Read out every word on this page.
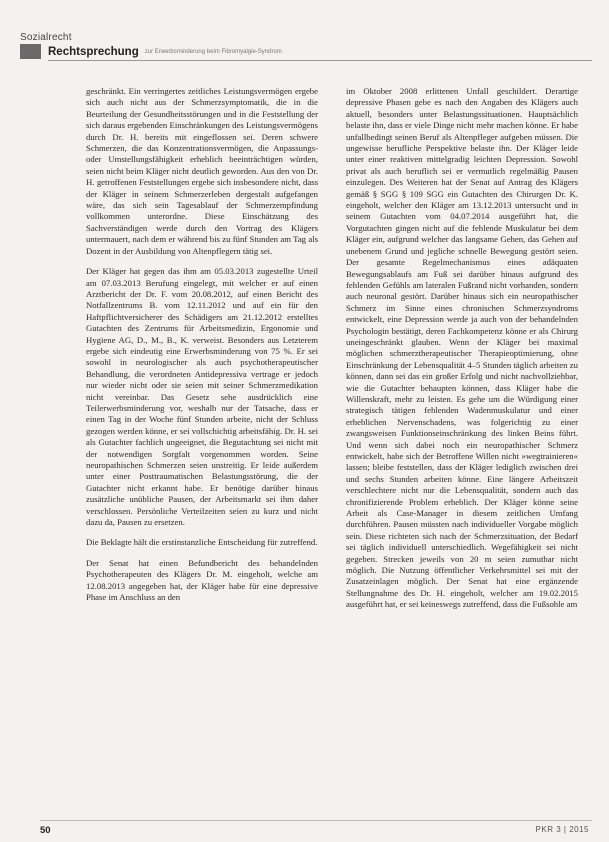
Sozialrecht
Rechtsprechung zur Erwerbsminderung beim Fibromyalgie-Syndrom

geschränkt. Ein verringertes zeitliches Leistungsvermögen ergebe sich auch nicht aus der Schmerzsymptomatik, die in die Beurteilung der Gesundheitsstörungen und in die Feststellung der sich daraus ergebenden Einschränkungen des Leistungsvermögens durch Dr. H. bereits mit eingeflossen sei. Deren schwere Schmerzen, die das Konzentrationsvermögen, die Anpassungs- oder Umstellungsfähigkeit erheblich beeinträchtigen würden, seien nicht beim Kläger nicht deutlich geworden. Aus den von Dr. H. getroffenen Feststellungen ergebe sich insbesondere nicht, dass der Kläger in seinem Schmerzerleben dergestalt aufgefangen wäre, das sich sein Tagesablauf der Schmerzempfindung vollkommen unterordne. Diese Einschätzung des Sachverständigen werde durch den Vortrag des Klägers untermauert, nach dem er während bis zu fünf Stunden am Tag als Dozent in der Ausbildung von Altenpflegern tätig sei.

Der Kläger hat gegen das ihm am 05.03.2013 zugestellte Urteil am 07.03.2013 Berufung eingelegt, mit welcher er auf einen Arztbericht der Dr. F. vom 20.08.2012, auf einen Bericht des Notfallzentrums B. vom 12.11.2012 und auf ein für den Haftpflichtversicherer des Schädigers am 21.12.2012 erstelltes Gutachten des Zentrums für Arbeitsmedizin, Ergonomie und Hygiene AG, D., M., B., K. verweist. Besonders aus Letzterem ergebe sich eindeutig eine Erwerbsminderung von 75 %. Er sei sowohl in neurologischer als auch psychotherapeutischer Behandlung, die verordneten Antidepressiva vertrage er jedoch nur wieder nicht oder sie seien mit seiner Schmerzmedikation nicht vereinbar. Das Gesetz sehe ausdrücklich eine Teilerwerbsminderung vor, weshalb nur der Tatsache, dass er einen Tag in der Woche fünf Stunden arbeite, nicht der Schluss gezogen werden könne, er sei vollschichtig arbeitsfähig. Dr. H. sei als Gutachter fachlich ungeeignet, die Begutachtung sei nicht mit der notwendigen Sorgfalt vorgenommen worden. Seine neuropathischen Schmerzen seien unstreitig. Er leide außerdem unter einer Posttraumatischen Belastungsstörung, die der Gutachter nicht erkannt habe. Er benötige darüber hinaus zusätzliche unübliche Pausen, der Arbeitsmarkt sei ihm daher verschlossen. Persönliche Verteilzeiten seien zu kurz und nicht dazu da, Pausen zu ersetzen.

Die Beklagte hält die erstinstanzliche Entscheidung für zutreffend.

Der Senat hat einen Befundbericht des behandelnden Psychotherapeuten des Klägers Dr. M. eingeholt, welche am 12.08.2013 angegeben hat, der Kläger habe für eine depressive Phase im Anschluss an den

im Oktober 2008 erlittenen Unfall geschildert. Derartige depressive Phasen gebe es nach den Angaben des Klägers auch aktuell, besonders unter Belastungssituationen. Hauptsächlich belaste ihn, dass er viele Dinge nicht mehr machen könne. Er habe unfallbedingt seinen Beruf als Altenpfleger aufgeben müssen. Die ungewisse berufliche Perspektive belaste ihn. Der Kläger leide unter einer reaktiven mittelgradig leichten Depression. Sowohl privat als auch beruflich sei er vermutlich regelmäßig Pausen einzulegen. Des Weiteren hat der Senat auf Antrag des Klägers gemäß § SGG § 109 SGG ein Gutachten des Chirurgen Dr. K. eingeholt, welcher den Kläger am 13.12.2013 untersucht und in seinem Gutachten vom 04.07.2014 ausgeführt hat, die Vorgutachten gingen nicht auf die fehlende Muskulatur bei dem Kläger ein, aufgrund welcher das langsame Gehen, das Gehen auf unebenem Grund und jegliche schnelle Bewegung gestört seien. Der gesamte Regelmechanismus eines adäquaten Bewegungsablaufs am Fuß sei darüber hinaus aufgrund des fehlenden Gefühls am lateralen Fußrand nicht vorhanden, sondern auch neuronal gestört. Darüber hinaus sich ein neuropathischer Schmerz im Sinne eines chronischen Schmerzsyndroms entwickelt, eine Depression werde ja auch von der behandelnden Psychologin bestätigt, deren Fachkompetenz könne er als Chirurg uneingeschränkt glauben. Wenn der Kläger bei maximal möglichen schmerztherapeutischer Therapieoptimierung, ohne Einschränkung der Lebensqualität 4–5 Stunden täglich arbeiten zu können, dann sei das ein großer Erfolg und nicht nachvollziehbar, wie die Gutachter behaupten können, dass Kläger habe die Willenskraft, mehr zu leisten. Es gehe um die Würdigung einer strategisch tätigen fehlenden Wadenmuskulatur und einer erheblichen Nervenschadens, was folgerichtig zu einer zwangsweisen Funktionseinschränkung des linken Beins führt. Und wenn sich dabei noch ein neuropathischer Schmerz entwickelt, habe sich der Betroffene Willen nicht »wegtrainieren« lassen; bleibe feststellen, dass der Kläger lediglich zwischen drei und sechs Stunden arbeiten könne. Eine längere Arbeitszeit verschlechtere nicht nur die Lebensqualität, sondern auch das chronifizierende Problem erheblich. Der Kläger könne seine Arbeit als Case-Manager in diesem zeitlichen Umfang durchführen. Pausen müssten nach individueller Vorgabe möglich sein. Diese richteten sich nach der Schmerzsituation, der Bedarf sei täglich individuell unterschiedlich. Wegefähigkeit sei nicht gegeben. Strecken jeweils von 20 m seien zumutbar nicht möglich. Die Nutzung öffentlicher Verkehrsmittel sei mit der Zusatzeinlagen möglich. Der Senat hat eine ergänzende Stellungnahme des Dr. H. eingeholt, welcher am 19.02.2015 ausgeführt hat, er sei keineswegs zutreffend, dass die Fußsohle am

50	PKR 3 | 2015
